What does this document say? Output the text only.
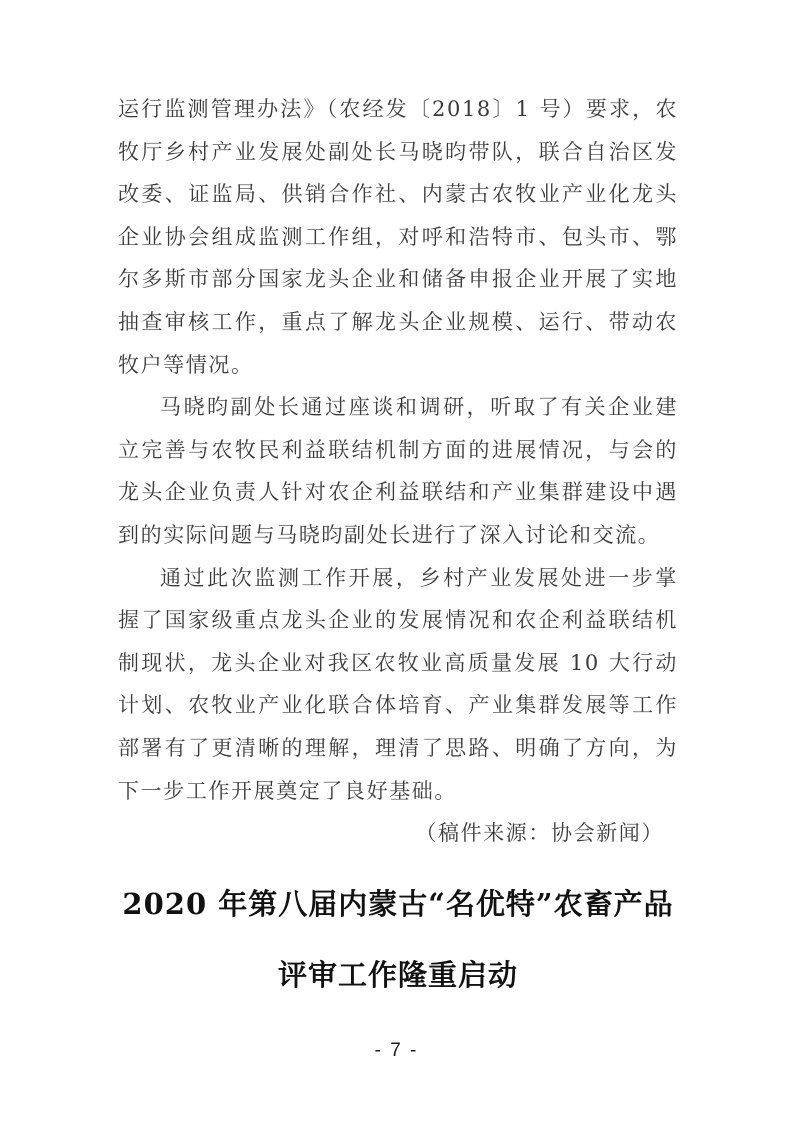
运行监测管理办法》（农经发〔2018〕1 号）要求，农牧厅乡村产业发展处副处长马晓昀带队，联合自治区发改委、证监局、供销合作社、内蒙古农牧业产业化龙头企业协会组成监测工作组，对呼和浩特市、包头市、鄂尔多斯市部分国家龙头企业和储备申报企业开展了实地抽查审核工作，重点了解龙头企业规模、运行、带动农牧户等情况。

马晓昀副处长通过座谈和调研，听取了有关企业建立完善与农牧民利益联结机制方面的进展情况，与会的龙头企业负责人针对农企利益联结和产业集群建设中遇到的实际问题与马晓昀副处长进行了深入讨论和交流。

通过此次监测工作开展，乡村产业发展处进一步掌握了国家级重点龙头企业的发展情况和农企利益联结机制现状，龙头企业对我区农牧业高质量发展 10 大行动计划、农牧业产业化联合体培育、产业集群发展等工作部署有了更清晰的理解，理清了思路、明确了方向，为下一步工作开展奠定了良好基础。

（稿件来源：协会新闻）

2020 年第八届内蒙古“名优特”农畜产品
评审工作隆重启动
- 7 -
